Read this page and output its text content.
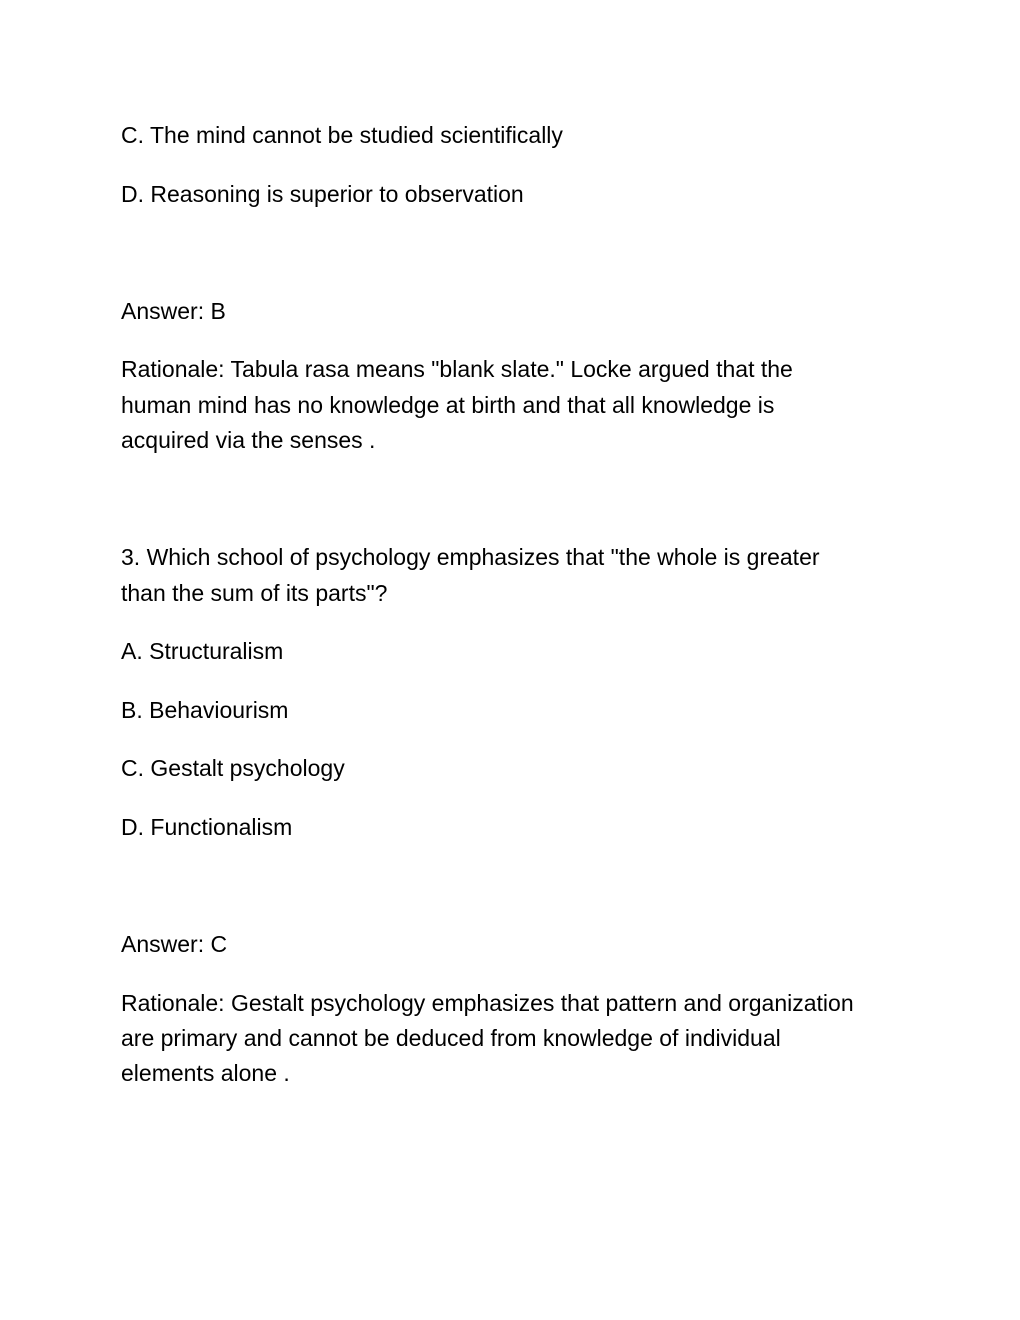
C. The mind cannot be studied scientifically
D. Reasoning is superior to observation
Answer: B
Rationale: Tabula rasa means "blank slate." Locke argued that the
human mind has no knowledge at birth and that all knowledge is
acquired via the senses .
3. Which school of psychology emphasizes that "the whole is greater
than the sum of its parts"?
A. Structuralism
B. Behaviourism
C. Gestalt psychology
D. Functionalism
Answer: C
Rationale: Gestalt psychology emphasizes that pattern and organization
are primary and cannot be deduced from knowledge of individual
elements alone .
